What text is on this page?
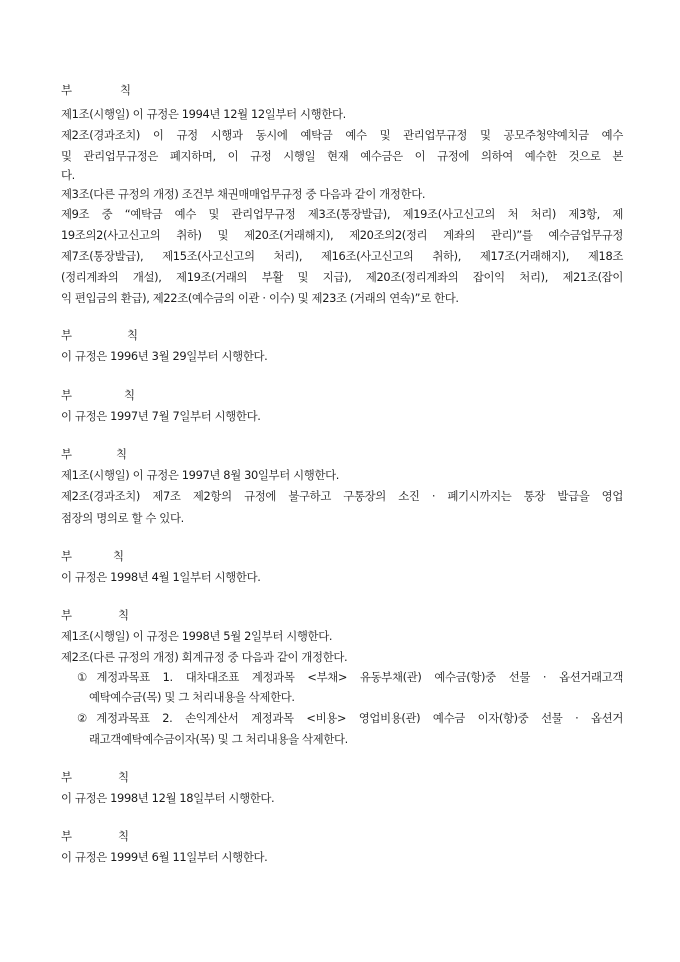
부	칙
제1조(시행일) 이 규정은 1994년 12월 12일부터 시행한다.
제2조(경과조치) 이 규정 시행과 동시에 예탁금 예수 및 관리업무규정 및 공모주청약예치금 예수
및 관리업무규정은 폐지하며, 이 규정 시행일 현재 예수금은 이 규정에 의하여 예수한 것으로 본
다.
제3조(다른 규정의 개정) 조건부 채권매매업무규정 중 다음과 같이 개정한다.
제9조 중 “예탁금 예수 및 관리업무규정 제3조(통장발급), 제19조(사고신고의 처 처리) 제3항, 제
19조의2(사고신고의 취하) 및 제20조(거래해지), 제20조의2(정리 계좌의 관리)”를 예수금업무규정
제7조(통장발급), 제15조(사고신고의 처리), 제16조(사고신고의 취하), 제17조(거래해지), 제18조
(정리계좌의 개설), 제19조(거래의 부활 및 지급), 제20조(정리계좌의 잡이익 처리), 제21조(잡이
익 편입금의 환급), 제22조(예수금의 이관 · 이수) 및 제23조 (거래의 연속)”로 한다.
부	칙
이 규정은 1996년 3월 29일부터 시행한다.
부	칙
이 규정은 1997년 7월 7일부터 시행한다.
부	칙
제1조(시행일) 이 규정은 1997년 8월 30일부터 시행한다.
제2조(경과조치) 제7조 제2항의 규정에 불구하고 구통장의 소진 · 폐기시까지는 통장 발급을 영업
점장의 명의로 할 수 있다.
부	칙
이 규정은 1998년 4월 1일부터 시행한다.
부	칙
제1조(시행일) 이 규정은 1998년 5월 2일부터 시행한다.
제2조(다른 규정의 개정) 회계규정 중 다음과 같이 개정한다.
①계정과목표 1. 대차대조표 계정과목 <부채> 유동부채(관) 예수금(항)중 선물 · 옵션거래고객
예탁예수금(목) 및 그 처리내용을 삭제한다.
②계정과목표 2. 손익계산서 계정과목 <비용> 영업비용(관) 예수금 이자(항)중 선물 · 옵션거
래고객예탁예수금이자(목) 및 그 처리내용을 삭제한다.
부	칙
이 규정은 1998년 12월 18일부터 시행한다.
부	칙
이 규정은 1999년 6월 11일부터 시행한다.
